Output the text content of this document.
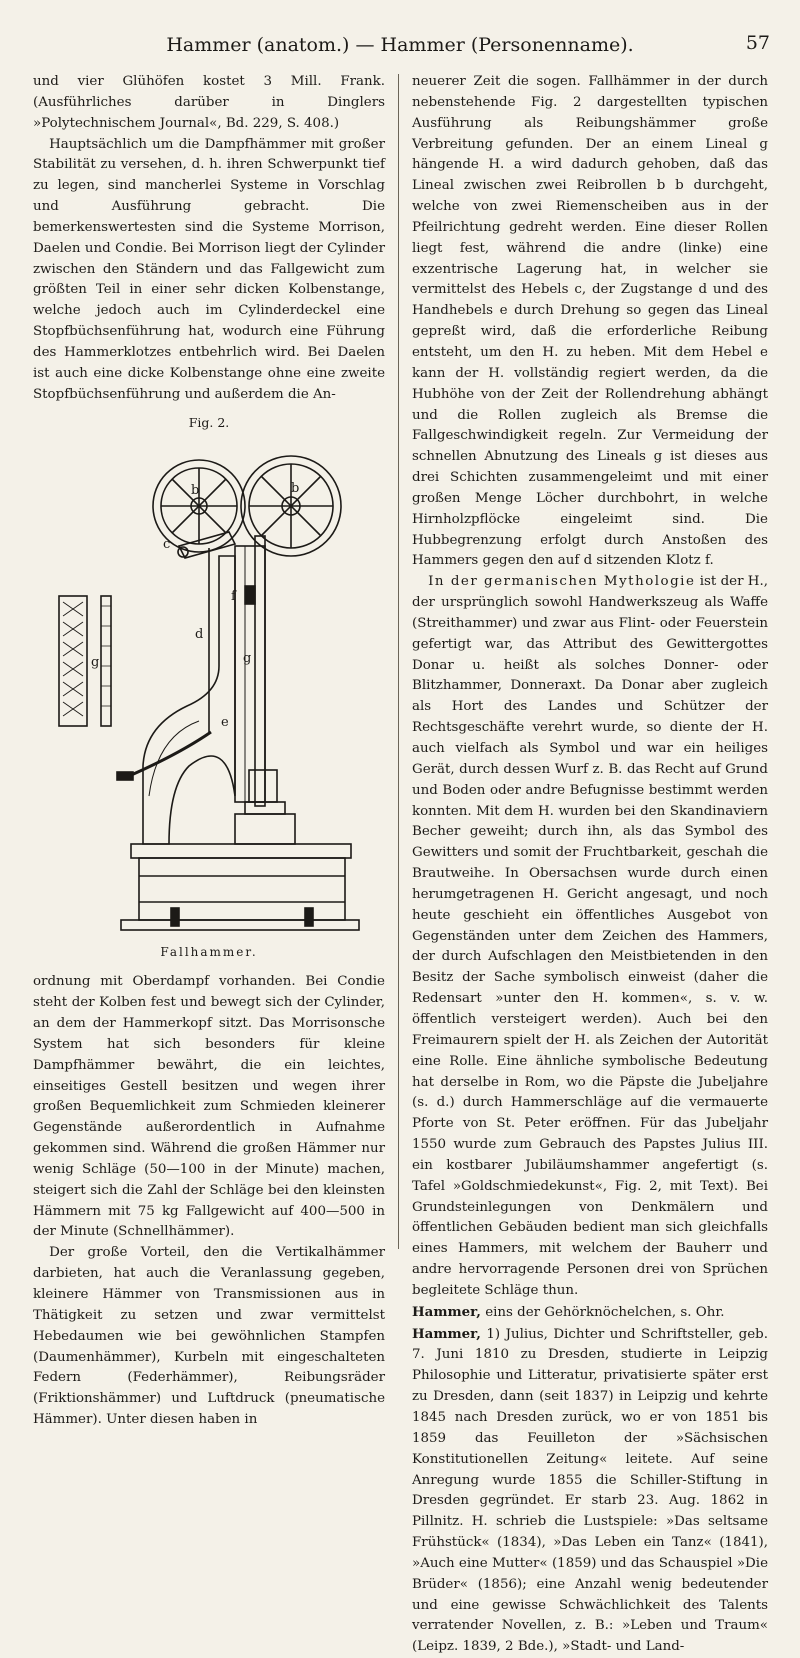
Hammer (anatom.) — Hammer (Personenname).	57

und vier Glühöfen kostet 3 Mill. Frank. (Ausführliches darüber in Dinglers »Polytechnischem Journal«, Bd. 229, S. 408.)

Hauptsächlich um die Dampfhämmer mit großer Stabilität zu versehen, d. h. ihren Schwerpunkt tief zu legen, sind mancherlei Systeme in Vorschlag und Ausführung gebracht. Die bemerkenswertesten sind die Systeme Morrison, Daelen und Condie. Bei Morrison liegt der Cylinder zwischen den Ständern und das Fallgewicht zum größten Teil in einer sehr dicken Kolbenstange, welche jedoch auch im Cylinderdeckel eine Stopfbüchsenführung hat, wodurch eine Führung des Hammerklotzes entbehrlich wird. Bei Daelen ist auch eine dicke Kolbenstange ohne eine zweite Stopfbüchsenführung und außerdem die An-

Fig. 2.
b	b
c
f
g	g
d
e
Fallhammer.

ordnung mit Oberdampf vorhanden. Bei Condie steht der Kolben fest und bewegt sich der Cylinder, an dem der Hammerkopf sitzt. Das Morrisonsche System hat sich besonders für kleine Dampfhämmer bewährt, die ein leichtes, einseitiges Gestell besitzen und wegen ihrer großen Bequemlichkeit zum Schmieden kleinerer Gegenstände außerordentlich in Aufnahme gekommen sind. Während die großen Hämmer nur wenig Schläge (50—100 in der Minute) machen, steigert sich die Zahl der Schläge bei den kleinsten Hämmern mit 75 kg Fallgewicht auf 400—500 in der Minute (Schnellhämmer).

Der große Vorteil, den die Vertikalhämmer darbieten, hat auch die Veranlassung gegeben, kleinere Hämmer von Transmissionen aus in Thätigkeit zu setzen und zwar vermittelst Hebedaumen wie bei gewöhnlichen Stampfen (Daumenhämmer), Kurbeln mit eingeschalteten Federn (Federhämmer), Reibungsräder (Friktionshämmer) und Luftdruck (pneumatische Hämmer). Unter diesen haben in

neuerer Zeit die sogen. Fallhämmer in der durch nebenstehende Fig. 2 dargestellten typischen Ausführung als Reibungshämmer große Verbreitung gefunden. Der an einem Lineal g hängende H. a wird dadurch gehoben, daß das Lineal zwischen zwei Reibrollen b b durchgeht, welche von zwei Riemenscheiben aus in der Pfeilrichtung gedreht werden. Eine dieser Rollen liegt fest, während die andre (linke) eine exzentrische Lagerung hat, in welcher sie vermittelst des Hebels c, der Zugstange d und des Handhebels e durch Drehung so gegen das Lineal gepreßt wird, daß die erforderliche Reibung entsteht, um den H. zu heben. Mit dem Hebel e kann der H. vollständig regiert werden, da die Hubhöhe von der Zeit der Rollendrehung abhängt und die Rollen zugleich als Bremse die Fallgeschwindigkeit regeln. Zur Vermeidung der schnellen Abnutzung des Lineals g ist dieses aus drei Schichten zusammengeleimt und mit einer großen Menge Löcher durchbohrt, in welche Hirnholzpflöcke eingeleimt sind. Die Hubbegrenzung erfolgt durch Anstoßen des Hammers gegen den auf d sitzenden Klotz f.

In der germanischen Mythologie ist der H., der ursprünglich sowohl Handwerkszeug als Waffe (Streithammer) und zwar aus Flint- oder Feuerstein gefertigt war, das Attribut des Gewittergottes Donar u. heißt als solches Donner- oder Blitzhammer, Donneraxt. Da Donar aber zugleich als Hort des Landes und Schützer der Rechtsgeschäfte verehrt wurde, so diente der H. auch vielfach als Symbol und war ein heiliges Gerät, durch dessen Wurf z. B. das Recht auf Grund und Boden oder andre Befugnisse bestimmt werden konnten. Mit dem H. wurden bei den Skandinaviern Becher geweiht; durch ihn, als das Symbol des Gewitters und somit der Fruchtbarkeit, geschah die Brautweihe. In Obersachsen wurde durch einen herumgetragenen H. Gericht angesagt, und noch heute geschieht ein öffentliches Ausgebot von Gegenständen unter dem Zeichen des Hammers, der durch Aufschlagen den Meistbietenden in den Besitz der Sache symbolisch einweist (daher die Redensart »unter den H. kommen«, s. v. w. öffentlich versteigert werden). Auch bei den Freimaurern spielt der H. als Zeichen der Autorität eine Rolle. Eine ähnliche symbolische Bedeutung hat derselbe in Rom, wo die Päpste die Jubeljahre (s. d.) durch Hammerschläge auf die vermauerte Pforte von St. Peter eröffnen. Für das Jubeljahr 1550 wurde zum Gebrauch des Papstes Julius III. ein kostbarer Jubiläumshammer angefertigt (s. Tafel »Goldschmiedekunst«, Fig. 2, mit Text). Bei Grundsteinlegungen von Denkmälern und öffentlichen Gebäuden bedient man sich gleichfalls eines Hammers, mit welchem der Bauherr und andre hervorragende Personen drei von Sprüchen begleitete Schläge thun.

Hammer, eins der Gehörknöchelchen, s. Ohr.

Hammer, 1) Julius, Dichter und Schriftsteller, geb. 7. Juni 1810 zu Dresden, studierte in Leipzig Philosophie und Litteratur, privatisierte später erst zu Dresden, dann (seit 1837) in Leipzig und kehrte 1845 nach Dresden zurück, wo er von 1851 bis 1859 das Feuilleton der »Sächsischen Konstitutionellen Zeitung« leitete. Auf seine Anregung wurde 1855 die Schiller-Stiftung in Dresden gegründet. Er starb 23. Aug. 1862 in Pillnitz. H. schrieb die Lustspiele: »Das seltsame Frühstück« (1834), »Das Leben ein Tanz« (1841), »Auch eine Mutter« (1859) und das Schauspiel »Die Brüder« (1856); eine Anzahl wenig bedeutender und eine gewisse Schwächlichkeit des Talents verratender Novellen, z. B.: »Leben und Traum« (Leipz. 1839, 2 Bde.), »Stadt- und Land-
